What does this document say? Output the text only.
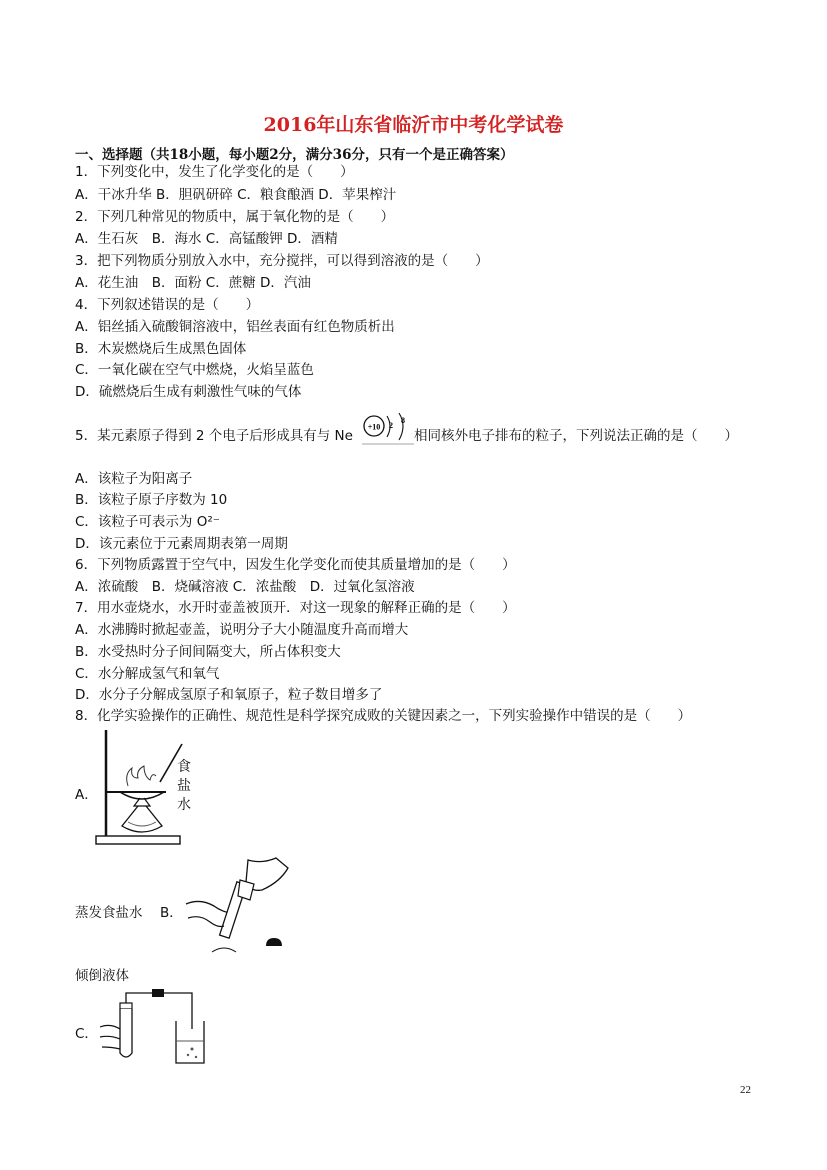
2016年山东省临沂市中考化学试卷
一、选择题（共18小题，每小题2分，满分36分，只有一个是正确答案）
1．下列变化中，发生了化学变化的是（　　）
A．干冰升华 B．胆矾研碎 C．粮食酿酒 D．苹果榨汁
2．下列几种常见的物质中，属于氧化物的是（　　）
A．生石灰　B．海水 C．高锰酸钾 D．酒精
3．把下列物质分别放入水中，充分搅拌，可以得到溶液的是（　　）
A．花生油　B．面粉 C．蔗糖 D．汽油
4．下列叙述错误的是（　　）
A．铝丝插入硫酸铜溶液中，铝丝表面有红色物质析出
B．木炭燃烧后生成黑色固体
C．一氧化碳在空气中燃烧，火焰呈蓝色
D．硫燃烧后生成有刺激性气味的气体
5．某元素原子得到 2 个电子后形成具有与 Ne
+10 2
8
相同核外电子排布的粒子，下列说法正确的是（　　）
A．该粒子为阳离子
B．该粒子原子序数为 10
C．该粒子可表示为 O²⁻
D．该元素位于元素周期表第一周期
6．下列物质露置于空气中，因发生化学变化而使其质量增加的是（　　）
A．浓硫酸　B．烧碱溶液 C．浓盐酸　D．过氧化氢溶液
7．用水壶烧水，水开时壶盖被顶开．对这一现象的解释正确的是（　　）
A．水沸腾时掀起壶盖，说明分子大小随温度升高而增大
B．水受热时分子间间隔变大，所占体积变大
C．水分解成氢气和氧气
D．水分子分解成氢原子和氧原子，粒子数目增多了
8．化学实验操作的正确性、规范性是科学探究成败的关键因素之一，下列实验操作中错误的是（　　）
A．
食盐水
蒸发食盐水 B．
倾倒液体
C．
22
